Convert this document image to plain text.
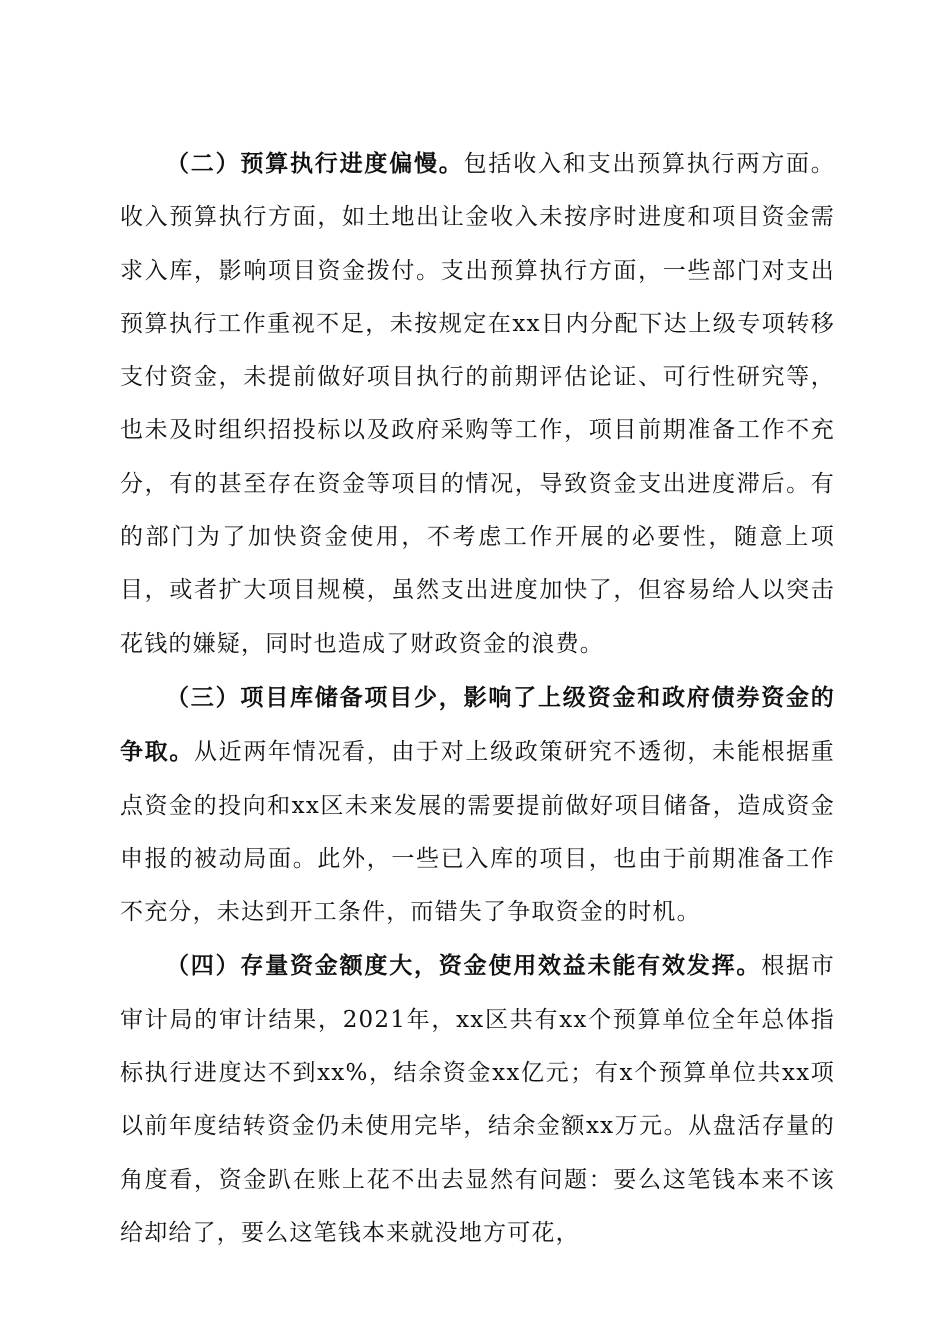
（二）预算执行进度偏慢。包括收入和支出预算执行两方面。收入预算执行方面，如土地出让金收入未按序时进度和项目资金需求入库，影响项目资金拨付。支出预算执行方面，一些部门对支出预算执行工作重视不足，未按规定在xx日内分配下达上级专项转移支付资金，未提前做好项目执行的前期评估论证、可行性研究等，也未及时组织招投标以及政府采购等工作，项目前期准备工作不充分，有的甚至存在资金等项目的情况，导致资金支出进度滞后。有的部门为了加快资金使用，不考虑工作开展的必要性，随意上项目，或者扩大项目规模，虽然支出进度加快了，但容易给人以突击花钱的嫌疑，同时也造成了财政资金的浪费。

（三）项目库储备项目少，影响了上级资金和政府债券资金的争取。从近两年情况看，由于对上级政策研究不透彻，未能根据重点资金的投向和xx区未来发展的需要提前做好项目储备，造成资金申报的被动局面。此外，一些已入库的项目，也由于前期准备工作不充分，未达到开工条件，而错失了争取资金的时机。

（四）存量资金额度大，资金使用效益未能有效发挥。根据市审计局的审计结果，2021年，xx区共有xx个预算单位全年总体指标执行进度达不到xx%，结余资金xx亿元；有x个预算单位共xx项以前年度结转资金仍未使用完毕，结余金额xx万元。从盘活存量的角度看，资金趴在账上花不出去显然有问题：要么这笔钱本来不该给却给了，要么这笔钱本来就没地方可花，
